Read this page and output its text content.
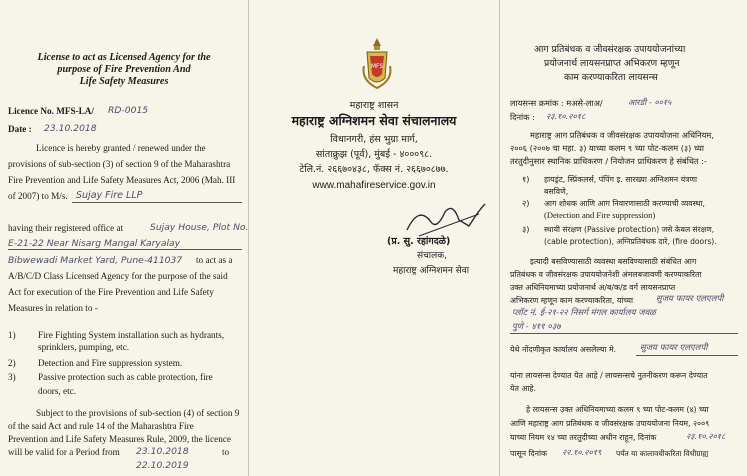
License to act as Licensed Agency for the
purpose of Fire Prevention And
Life Safety Measures
Licence No. MFS-LA/ RD-0015
Date : 23.10.2018
Licence is hereby granted / renewed under the
provisions of sub-section (3) of section 9 of the Maharashtra
Fire Prevention and Life Safety Measures Act, 2006 (Mah. III
of 2007) to M/s. Sujay Fire LLP
having their registered office at	Sujay House, Plot No.
E-21-22 Near Nisarg Mangal Karyalay
Bibwewadi Market Yard, Pune-411037 to act as a
A/B/C/D Class Licensed Agency for the purpose of the said
Act for execution of the Fire Prevention and Life Safety
Measures in relation to -
1) Fire Fighting System installation such as hydrants,
sprinklers, pumping, etc.
2) Detection and Fire suppression system.
3) Passive protection such as cable protection, fire
doors, etc.
Subject to the provisions of sub-section (4) of section 9
of the said Act and rule 14 of the Maharashtra Fire
Prevention and Life Safety Measures Rule, 2009, the licence
will be valid for a Period from 23.10.2018	to
22.10.2019
MFS
महाराष्ट्र शासन
महाराष्ट्र अग्निशमन सेवा संचालनालय
विधानगरी, हंस भुग्रा मार्ग,
सांताक्रुझ (पूर्व), मुंबई - ४०००९८.
टेलि.नं. २६६७०४३८, फॅक्स नं. २६६७०८७७.
www.mahafireservice.gov.in
(प्र. सु. रहांगदळे)
संचालक,
महाराष्ट्र अग्निशमन सेवा
आग प्रतिबंधक व जीवसंरक्षक उपाययोजनांच्या
प्रयोजनार्थ लायसनप्राप्त अभिकरण म्हणून
काम करण्याकरिता लायसन्स
लायसन्स क्रमांक : मअसे-लाअ/	आरडी - ००१५
दिनांक : २३.१०.२०१८
महाराष्ट्र आग प्रतिबंधक व जीवसंरक्षक उपाययोजना अधिनियम,
२००६ (२००७ चा महा. ३) याच्या कलम ९ च्या पोट-कलम (३) च्या
तरतुदीनुसार स्थानिक प्राधिकरण / नियोजन प्राधिकरण हे संबंधित :-
१) हायड्रंट, स्प्रिंकलर्स, पंपिंग इ. सारख्या अग्निशमन यंत्रणा
बसविणे,
२) आग शोधक आणि आग निवारणासाठी करण्याची व्यवस्था,
(Detection and Fire suppression)
३) स्थायी संरक्षण (Passive protection) जसे केबल संरक्षण,
(cable protection), अग्निप्रतिबंधक दारे, (fire doors).
इत्यादी बसविण्यासाठी व्यवस्था बसविण्यासाठी संबंधित आग
प्रतिबंधक व जीवसंरक्षक उपाययोजनेशी अंमलबजावणी करण्याकरिता
उक्त अधिनियमाच्या प्रयोजनार्थ अ/ब/क/ड वर्ग लायसनप्राप्त
अभिकरण म्हणून काम करण्याकरिता, यांच्या	सुजय फायर एलएलपी
प्लॉट नं. ई-२१-२२ निसर्ग मंगल कार्यालय जवळ
पुणे - ४११ ०३७
येथे नोंदणीकृत कार्यालय असलेल्या मे.	सुजय फायर एलएलपी
यांना लायसन्स देण्यात येत आहे / लायसन्सचे नुतनीकरण करून देण्यात
येत आहे.
हे लायसन्स उक्त अधिनियमाच्या कलम ९ च्या पोट-कलम (४) च्या
आणि महाराष्ट्र आग प्रतिबंधक व जीवसंरक्षक उपाययोजना नियम, २००९
याच्या नियम १४ च्या तरतुदीच्या अधीन राहून, दिनांक	२३.१०.२०१८
पासून दिनांक २२.१०.२०१९ पर्यंत या कालावधीकरिता विधीग्राह्य
